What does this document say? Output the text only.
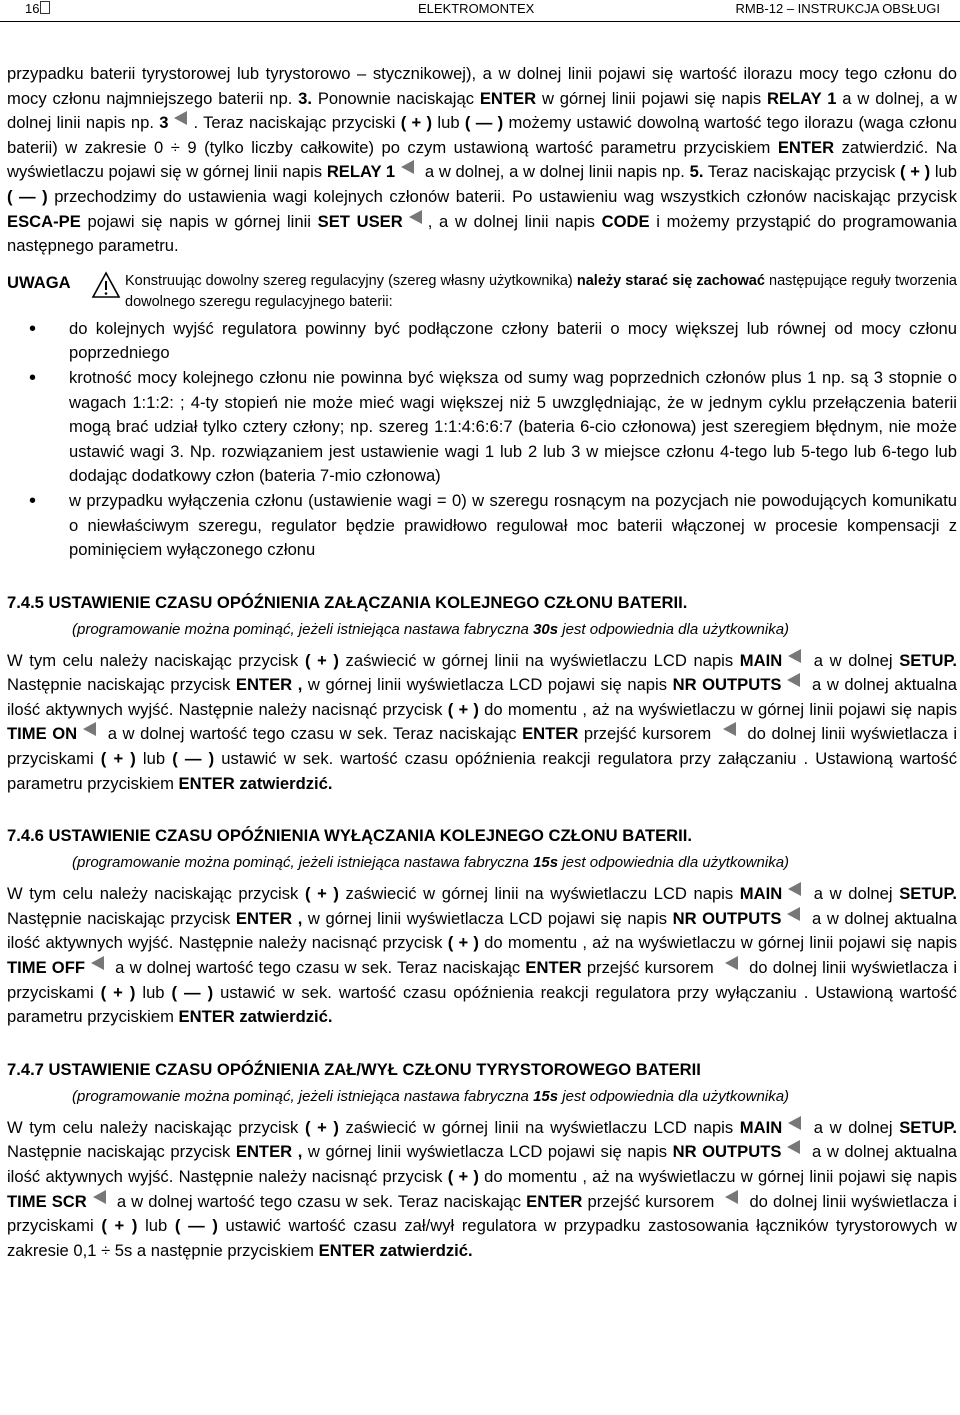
16	ELEKTROMONTEX	RMB-12 – INSTRUKCJA OBSŁUGI

przypadku baterii tyrystorowej lub tyrystorowo – stycznikowej), a w dolnej linii pojawi się wartość ilorazu mocy tego członu do mocy członu najmniejszego baterii np. 3. Ponownie naciskając ENTER w górnej linii pojawi się napis RELAY 1 a w dolnej, a w dolnej linii napis np. 3 . Teraz naciskając przyciski ( + ) lub ( — ) możemy ustawić dowolną wartość tego ilorazu (waga członu baterii) w zakresie 0 ÷ 9 (tylko liczby całkowite) po czym ustawioną wartość parametru przyciskiem ENTER zatwierdzić. Na wyświetlaczu pojawi się w górnej linii napis RELAY 1 a w dolnej, a w dolnej linii napis np. 5. Teraz naciskając przycisk ( + ) lub ( — ) przechodzimy do ustawienia wagi kolejnych członów baterii. Po ustawieniu wag wszystkich członów naciskając przycisk ESCA-PE pojawi się napis w górnej linii SET USER , a w dolnej linii napis CODE i możemy przystąpić do programowania następnego parametru.

UWAGA	Konstruując dowolny szereg regulacyjny (szereg własny użytkownika) należy starać się zachować następujące reguły tworzenia dowolnego szeregu regulacyjnego baterii:
• do kolejnych wyjść regulatora powinny być podłączone człony baterii o mocy większej lub równej od mocy członu poprzedniego
• krotność mocy kolejnego członu nie powinna być większa od sumy wag poprzednich członów plus 1 np. są 3 stopnie o wagach 1:1:2: ; 4-ty stopień nie może mieć wagi większej niż 5 uwzględniając, że w jednym cyklu przełączenia baterii mogą brać udział tylko cztery człony; np. szereg 1:1:4:6:6:7 (bateria 6-cio członowa) jest szeregiem błędnym, nie może ustawić wagi 3. Np. rozwiązaniem jest ustawienie wagi 1 lub 2 lub 3 w miejsce członu 4-tego lub 5-tego lub 6-tego lub dodając dodatkowy człon (bateria 7-mio członowa)
• w przypadku wyłączenia członu (ustawienie wagi = 0) w szeregu rosnącym na pozycjach nie powodujących komunikatu o niewłaściwym szeregu, regulator będzie prawidłowo regulował moc baterii włączonej w procesie kompensacji z pominięciem wyłączonego członu
7.4.5 USTAWIENIE CZASU OPÓŹNIENIA ZAŁĄCZANIA KOLEJNEGO CZŁONU BATERII.

(programowanie można pominąć, jeżeli istniejąca nastawa fabryczna 30s jest odpowiednia dla użytkownika)

W tym celu należy naciskając przycisk ( + ) zaświecić w górnej linii na wyświetlaczu LCD napis MAIN a w dolnej SETUP. Następnie naciskając przycisk ENTER , w górnej linii wyświetlacza LCD pojawi się napis NR OUTPUTS a w dolnej aktualna ilość aktywnych wyjść. Następnie należy nacisnąć przycisk ( + ) do momentu , aż na wyświetlaczu w górnej linii pojawi się napis TIME ON a w dolnej wartość tego czasu w sek. Teraz naciskając ENTER przejść kursorem  do dolnej linii wyświetlacza i przyciskami ( + ) lub ( — ) ustawić w sek. wartość czasu opóźnienia reakcji regulatora przy załączaniu . Ustawioną wartość parametru przyciskiem ENTER zatwierdzić.

7.4.6 USTAWIENIE CZASU OPÓŹNIENIA WYŁĄCZANIA KOLEJNEGO CZŁONU BATERII.

(programowanie można pominąć, jeżeli istniejąca nastawa fabryczna 15s jest odpowiednia dla użytkownika)

W tym celu należy naciskając przycisk ( + ) zaświecić w górnej linii na wyświetlaczu LCD napis MAIN a w dolnej SETUP. Następnie naciskając przycisk ENTER , w górnej linii wyświetlacza LCD pojawi się napis NR OUTPUTS a w dolnej aktualna ilość aktywnych wyjść. Następnie należy nacisnąć przycisk ( + ) do momentu , aż na wyświetlaczu w górnej linii pojawi się napis TIME OFF a w dolnej wartość tego czasu w sek. Teraz naciskając ENTER przejść kursorem  do dolnej linii wyświetlacza i przyciskami ( + ) lub ( — ) ustawić w sek. wartość czasu opóźnienia reakcji regulatora przy wyłączaniu . Ustawioną wartość parametru przyciskiem ENTER zatwierdzić.

7.4.7 USTAWIENIE CZASU OPÓŹNIENIA ZAŁ/WYŁ CZŁONU TYRYSTOROWEGO BATERII

(programowanie można pominąć, jeżeli istniejąca nastawa fabryczna 15s jest odpowiednia dla użytkownika)

W tym celu należy naciskając przycisk ( + ) zaświecić w górnej linii na wyświetlaczu LCD napis MAIN a w dolnej SETUP. Następnie naciskając przycisk ENTER , w górnej linii wyświetlacza LCD pojawi się napis NR OUTPUTS a w dolnej aktualna ilość aktywnych wyjść. Następnie należy nacisnąć przycisk ( + ) do momentu , aż na wyświetlaczu w górnej linii pojawi się napis TIME SCR a w dolnej wartość tego czasu w sek. Teraz naciskając ENTER przejść kursorem  do dolnej linii wyświetlacza i przyciskami ( + ) lub ( — ) ustawić wartość czasu zał/wył regulatora w przypadku zastosowania łączników tyrystorowych w zakresie 0,1 ÷ 5s a następnie przyciskiem ENTER zatwierdzić.
